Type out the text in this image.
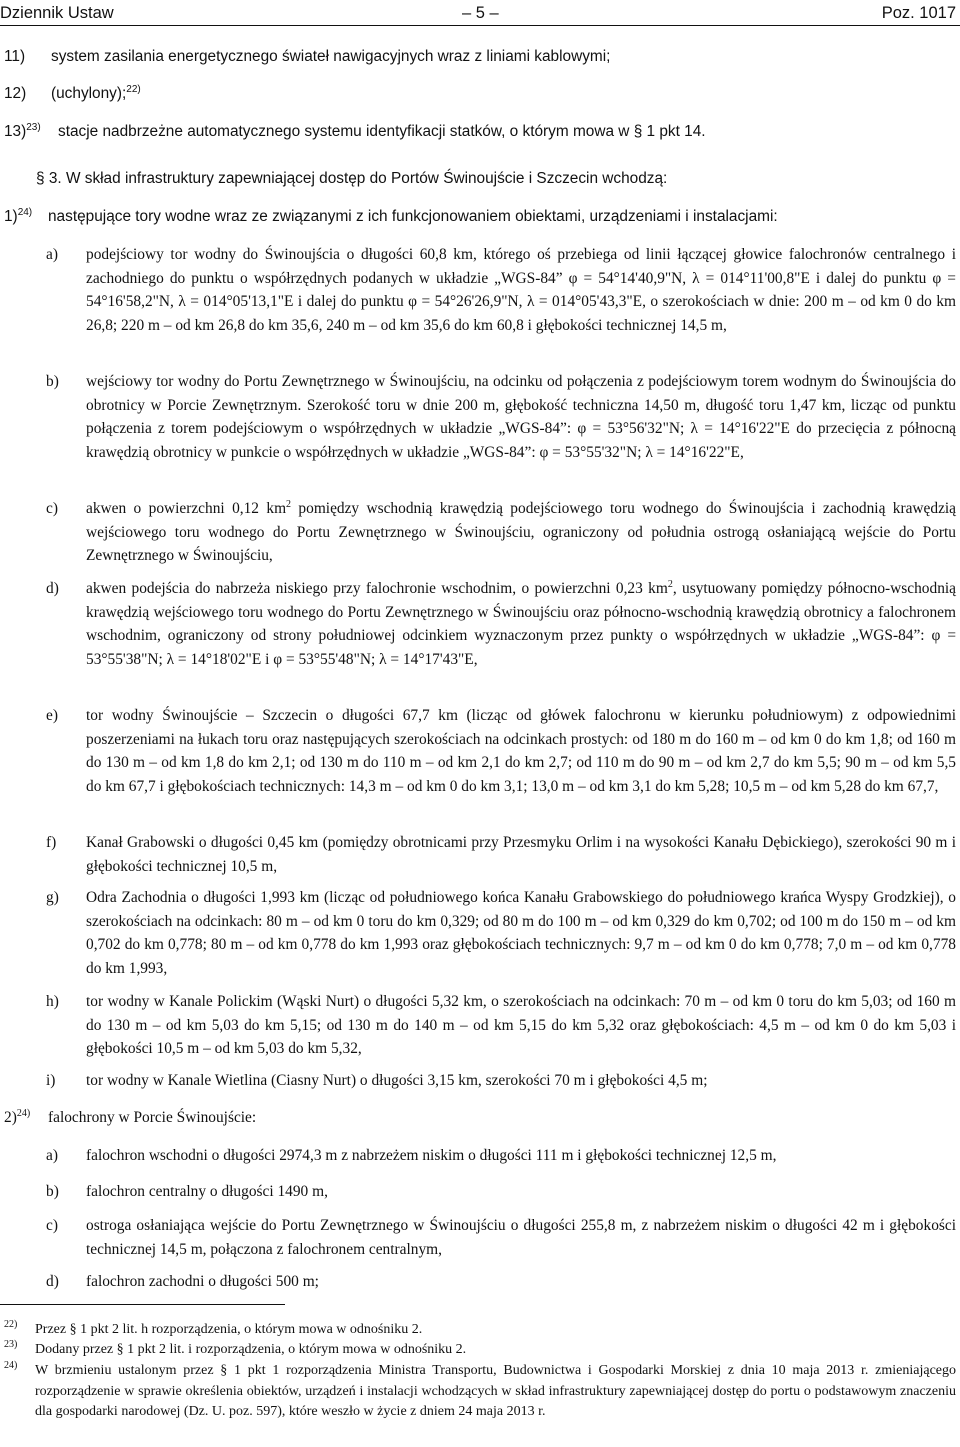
Dziennik Ustaw	– 5 –	Poz. 1017
11) system zasilania energetycznego świateł nawigacyjnych wraz z liniami kablowymi;
12) (uchylony);$^{22)}$
13)$^{23)}$ stacje nadbrzeżne automatycznego systemu identyfikacji statków, o którym mowa w § 1 pkt 14.
§ 3. W skład infrastruktury zapewniającej dostęp do Portów Świnoujście i Szczecin wchodzą:
1)$^{24)}$ następujące tory wodne wraz ze związanymi z ich funkcjonowaniem obiektami, urządzeniami i instalacjami:
a) podejściowy tor wodny do Świnoujścia o długości 60,8 km, którego oś przebiega od linii łączącej głowice falochronów centralnego i zachodniego do punktu o współrzędnych podanych w układzie „WGS-84” φ = 54°14'40,9"N, λ = 014°11'00,8"E i dalej do punktu φ = 54°16'58,2"N, λ = 014°05'13,1"E i dalej do punktu φ = 54°26'26,9"N, λ = 014°05'43,3"E, o szerokościach w dnie: 200 m – od km 0 do km 26,8; 220 m – od km 26,8 do km 35,6, 240 m – od km 35,6 do km 60,8 i głębokości technicznej 14,5 m,
b) wejściowy tor wodny do Portu Zewnętrznego w Świnoujściu, na odcinku od połączenia z podejściowym torem wodnym do Świnoujścia do obrotnicy w Porcie Zewnętrznym. Szerokość toru w dnie 200 m, głębokość techniczna 14,50 m, długość toru 1,47 km, licząc od punktu połączenia z torem podejściowym o współrzędnych w układzie „WGS-84”: φ = 53°56'32"N; λ = 14°16'22"E do przecięcia z północną krawędzią obrotnicy w punkcie o współrzędnych w układzie „WGS-84”: φ = 53°55'32"N; λ = 14°16'22"E,
c) akwen o powierzchni 0,12 $km^2$ pomiędzy wschodnią krawędzią podejściowego toru wodnego do Świnoujścia i zachodnią krawędzią wejściowego toru wodnego do Portu Zewnętrznego w Świnoujściu, ograniczony od południa ostrogą osłaniającą wejście do Portu Zewnętrznego w Świnoujściu,
d) akwen podejścia do nabrzeża niskiego przy falochronie wschodnim, o powierzchni 0,23 $km^2$, usytuowany pomiędzy północno-wschodnią krawędzią wejściowego toru wodnego do Portu Zewnętrznego w Świnoujściu oraz północno-wschodnią krawędzią obrotnicy a falochronem wschodnim, ograniczony od strony południowej odcinkiem wyznaczonym przez punkty o współrzędnych w układzie „WGS-84”: φ = 53°55'38"N; λ = 14°18'02"E i φ = 53°55'48"N; λ = 14°17'43"E,
e) tor wodny Świnoujście – Szczecin o długości 67,7 km (licząc od główek falochronu w kierunku południowym) z odpowiednimi poszerzeniami na łukach toru oraz następujących szerokościach na odcinkach prostych: od 180 m do 160 m – od km 0 do km 1,8; od 160 m do 130 m – od km 1,8 do km 2,1; od 130 m do 110 m – od km 2,1 do km 2,7; od 110 m do 90 m – od km 2,7 do km 5,5; 90 m – od km 5,5 do km 67,7 i głębokościach technicznych: 14,3 m – od km 0 do km 3,1; 13,0 m – od km 3,1 do km 5,28; 10,5 m – od km 5,28 do km 67,7,
f) Kanał Grabowski o długości 0,45 km (pomiędzy obrotnicami przy Przesmyku Orlim i na wysokości Kanału Dębickiego), szerokości 90 m i głębokości technicznej 10,5 m,
g) Odra Zachodnia o długości 1,993 km (licząc od południowego końca Kanału Grabowskiego do południowego krańca Wyspy Grodzkiej), o szerokościach na odcinkach: 80 m – od km 0 toru do km 0,329; od 80 m do 100 m – od km 0,329 do km 0,702; od 100 m do 150 m – od km 0,702 do km 0,778; 80 m – od km 0,778 do km 1,993 oraz głębokościach technicznych: 9,7 m – od km 0 do km 0,778; 7,0 m – od km 0,778 do km 1,993,
h) tor wodny w Kanale Polickim (Wąski Nurt) o długości 5,32 km, o szerokościach na odcinkach: 70 m – od km 0 toru do km 5,03; od 160 m do 130 m – od km 5,03 do km 5,15; od 130 m do 140 m – od km 5,15 do km 5,32 oraz głębokościach: 4,5 m – od km 0 do km 5,03 i głębokości 10,5 m – od km 5,03 do km 5,32,
i) tor wodny w Kanale Wietlina (Ciasny Nurt) o długości 3,15 km, szerokości 70 m i głębokości 4,5 m;
2)$^{24)}$ falochrony w Porcie Świnoujście:
a) falochron wschodni o długości 2974,3 m z nabrzeżem niskim o długości 111 m i głębokości technicznej 12,5 m,
b) falochron centralny o długości 1490 m,
c) ostroga osłaniająca wejście do Portu Zewnętrznego w Świnoujściu o długości 255,8 m, z nabrzeżem niskim o długości 42 m i głębokości technicznej 14,5 m, połączona z falochronem centralnym,
d) falochron zachodni o długości 500 m;
22) Przez § 1 pkt 2 lit. h rozporządzenia, o którym mowa w odnośniku 2.
23) Dodany przez § 1 pkt 2 lit. i rozporządzenia, o którym mowa w odnośniku 2.
24) W brzmieniu ustalonym przez § 1 pkt 1 rozporządzenia Ministra Transportu, Budownictwa i Gospodarki Morskiej z dnia 10 maja 2013 r. zmieniającego rozporządzenie w sprawie określenia obiektów, urządzeń i instalacji wchodzących w skład infrastruktury zapewniającej dostęp do portu o podstawowym znaczeniu dla gospodarki narodowej (Dz. U. poz. 597), które weszło w życie z dniem 24 maja 2013 r.
